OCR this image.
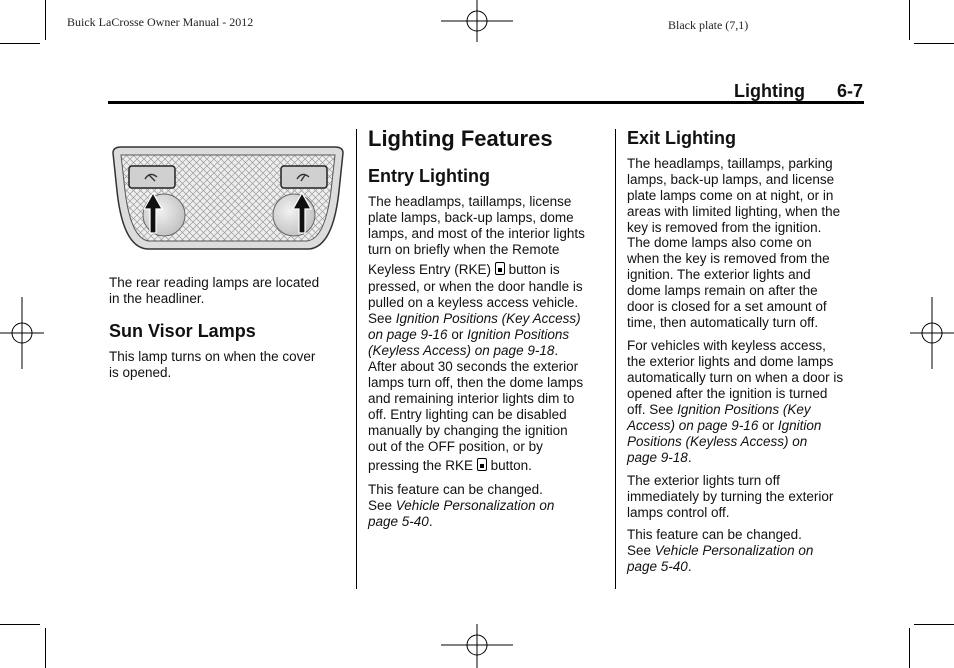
Buick LaCrosse Owner Manual - 2012	Black plate (7,1)
Lighting 6-7

The rear reading lamps are located

in the headliner.

Sun Visor Lamps

This lamp turns on when the cover

is opened.

Lighting Features
Entry Lighting

The headlamps, taillamps, license

plate lamps, back-up lamps, dome

lamps, and most of the interior lights

turn on briefly when the Remote

Keyless Entry (RKE) button is

pressed, or when the door handle is

pulled on a keyless access vehicle.

See Ignition Positions (Key Access)

on page 9-16 or Ignition Positions

(Keyless Access) on page 9-18.

After about 30 seconds the exterior

lamps turn off, then the dome lamps

and remaining interior lights dim to

off. Entry lighting can be disabled

manually by changing the ignition

out of the OFF position, or by

pressing the RKE button.

This feature can be changed.

See Vehicle Personalization on

page 5-40.

Exit Lighting

The headlamps, taillamps, parking

lamps, back-up lamps, and license

plate lamps come on at night, or in

areas with limited lighting, when the

key is removed from the ignition.

The dome lamps also come on

when the key is removed from the

ignition. The exterior lights and

dome lamps remain on after the

door is closed for a set amount of

time, then automatically turn off.

For vehicles with keyless access,

the exterior lights and dome lamps

automatically turn on when a door is

opened after the ignition is turned

off. See Ignition Positions (Key

Access) on page 9-16 or Ignition

Positions (Keyless Access) on

page 9-18.

The exterior lights turn off

immediately by turning the exterior

lamps control off.

This feature can be changed.

See Vehicle Personalization on

page 5-40.
